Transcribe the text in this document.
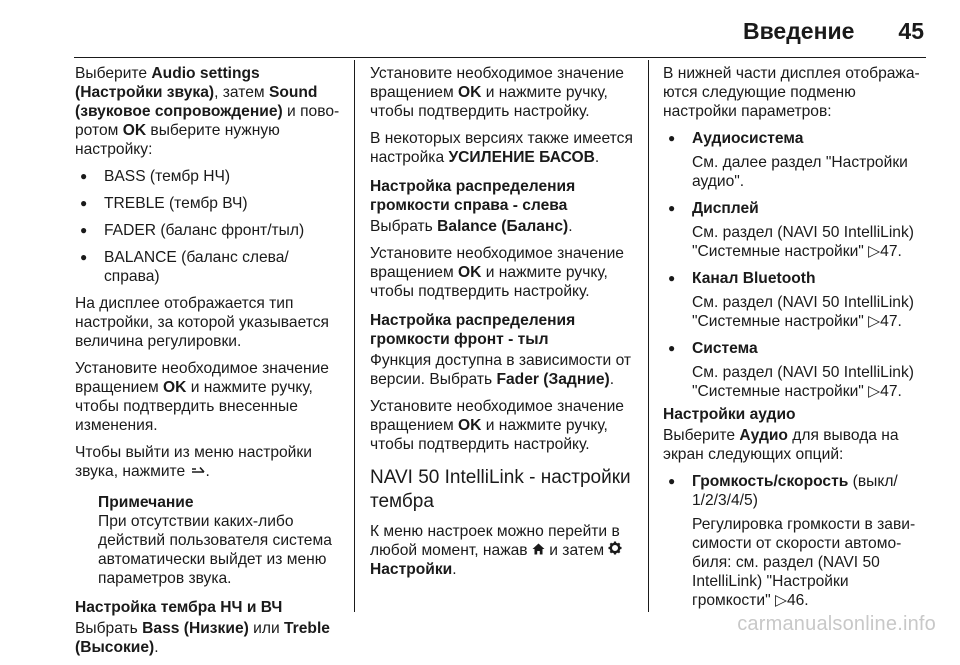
Введение 45

Выберите Audio settings (Настройки звука), затем Sound (звуковое сопровождение) и поворотом OK выберите нужную настройку:

● BASS (тембр НЧ)
● TREBLE (тембр ВЧ)
● FADER (баланс фронт/тыл)
● BALANCE (баланс слева/ справа)

На дисплее отображается тип настройки, за которой указывается величина регулировки.

Установите необходимое значение вращением OK и нажмите ручку, чтобы подтвердить внесенные изменения.

Чтобы выйти из меню настройки звука, нажмите .

Примечание
При отсутствии каких-либо действий пользователя система автоматически выйдет из меню параметров звука.
Настройка тембра НЧ и ВЧ

Выбрать Bass (Низкие) или Treble (Высокие).

Установите необходимое значение вращением OK и нажмите ручку, чтобы подтвердить настройку.

В некоторых версиях также имеется настройка УСИЛЕНИЕ БАСОВ.

Настройка распределения громкости справа - слева

Выбрать Balance (Баланс).

Установите необходимое значение вращением OK и нажмите ручку, чтобы подтвердить настройку.

Настройка распределения громкости фронт - тыл

Функция доступна в зависимости от версии. Выбрать Fader (Задние).

Установите необходимое значение вращением OK и нажмите ручку, чтобы подтвердить настройку.

NAVI 50 IntelliLink - настройки тембра

К меню настроек можно перейти в любой момент, нажав  и затем Настройки.

В нижней части дисплея отображаются следующие подменю настройки параметров:

● Аудиосистема
См. далее раздел "Настройки аудио".
● Дисплей
См. раздел (NAVI 50 IntelliLink) "Системные настройки" ▷47.
● Канал Bluetooth
См. раздел (NAVI 50 IntelliLink) "Системные настройки" ▷47.
● Система
См. раздел (NAVI 50 IntelliLink) "Системные настройки" ▷47.
Настройки аудио

Выберите Аудио для вывода на экран следующих опций:

● Громкость/скорость (выкл/ 1/2/3/4/5)
Регулировка громкости в зависимости от скорости автомобиля: см. раздел (NAVI 50 IntelliLink) "Настройки громкости" ▷46.
carmanualsonline.info
